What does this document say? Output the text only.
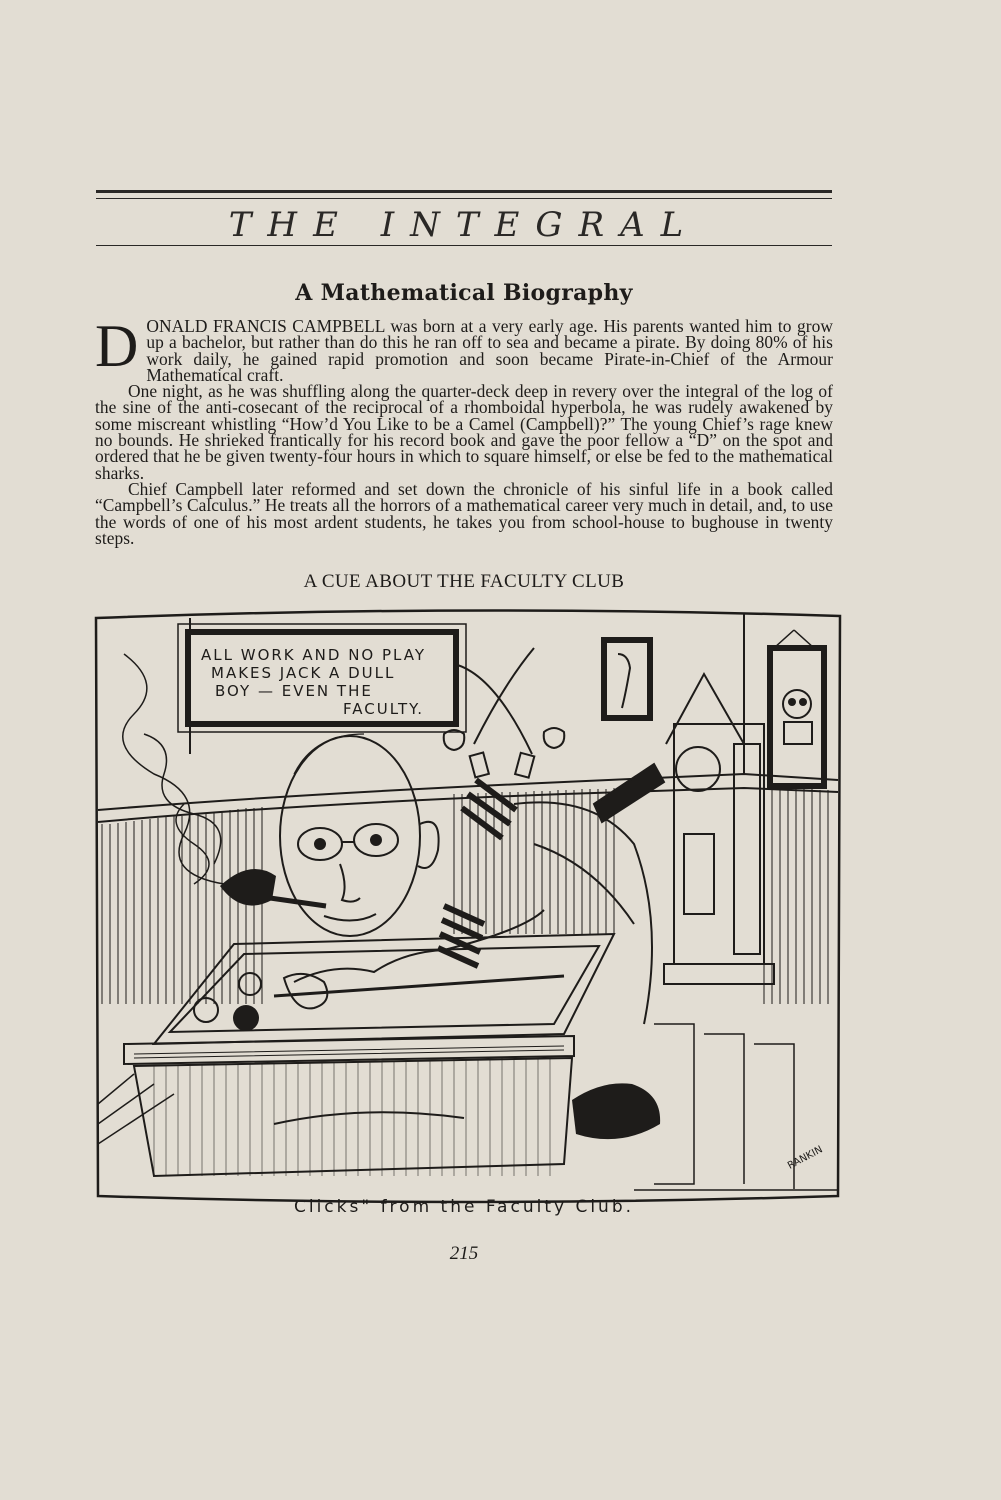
THE INTEGRAL
A Mathematical Biography

DONALD FRANCIS CAMPBELL was born at a very early age. His parents wanted him to grow up a bachelor, but rather than do this he ran off to sea and became a pirate. By doing 80% of his work daily, he gained rapid promotion and soon became Pirate-in-Chief of the Armour Mathematical craft.

One night, as he was shuffling along the quarter-deck deep in revery over the integral of the log of the sine of the anti-cosecant of the reciprocal of a rhomboidal hyperbola, he was rudely awakened by some miscreant whistling “How’d You Like to be a Camel (Campbell)?” The young Chief’s rage knew no bounds. He shrieked frantically for his record book and gave the poor fellow a “D” on the spot and ordered that he be given twenty-four hours in which to square himself, or else be fed to the mathematical sharks.

Chief Campbell later reformed and set down the chronicle of his sinful life in a book called “Campbell’s Calculus.” He treats all the horrors of a mathematical career very much in detail, and, to use the words of one of his most ardent students, he takes you from school-house to bughouse in twenty steps.

A CUE ABOUT THE FACULTY CLUB
ALL WORK AND NO PLAY
MAKES JACK A DULL
BOY — EVEN THE
FACULTY.
RANKIN
Clicks" from the Faculty Club.
215
